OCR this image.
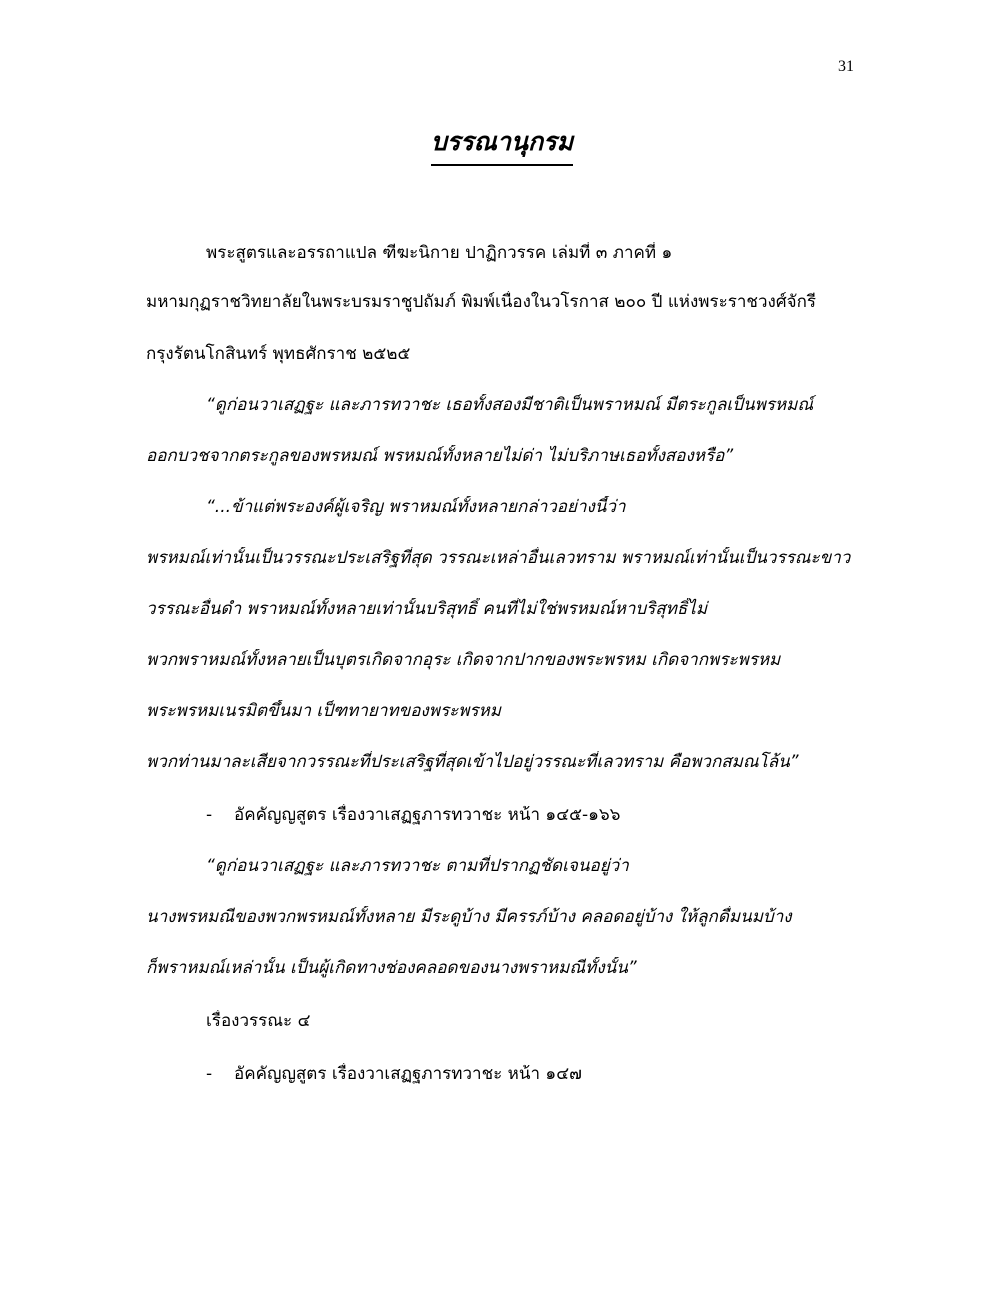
31
บรรณานุกรม
พระสูตรและอรรถาแปล ฑีฆะนิกาย ปาฏิกวรรค เล่มที่ ๓ ภาคที่ ๑
มหามกุฏราชวิทยาลัยในพระบรมราชูปถัมภ์ พิมพ์เนื่องในวโรกาส ๒๐๐ ปี แห่งพระราชวงศ์จักรี
กรุงรัตนโกสินทร์ พุทธศักราช ๒๕๒๕
“ดูก่อนวาเสฏฐะ และภารทวาชะ เธอทั้งสองมีชาติเป็นพราหมณ์ มีตระกูลเป็นพรหมณ์
ออกบวชจากตระกูลของพรหมณ์ พรหมณ์ทั้งหลายไม่ด่า ไม่บริภาษเธอทั้งสองหรือ”
“...ข้าแต่พระองค์ผู้เจริญ พราหมณ์ทั้งหลายกล่าวอย่างนี้ว่า
พรหมณ์เท่านั้นเป็นวรรณะประเสริฐที่สุด วรรณะเหล่าอื่นเลวทราม พราหมณ์เท่านั้นเป็นวรรณะขาว
วรรณะอื่นดำ พราหมณ์ทั้งหลายเท่านั้นบริสุทธิ์ คนที่ไม่ใช่พรหมณ์หาบริสุทธิ์ไม่
พวกพราหมณ์ทั้งหลายเป็นบุตรเกิดจากอุระ เกิดจากปากของพระพรหม เกิดจากพระพรหม
พระพรหมเนรมิตขึ้นมา เป็ฑทายาทของพระพรหม
พวกท่านมาละเสียจากวรรณะที่ประเสริฐที่สุดเข้าไปอยู่วรรณะที่เลวทราม คือพวกสมณโล้น”
- อัคคัญญสูตร เรื่องวาเสฏฐภารทวาชะ หน้า ๑๔๕-๑๖๖
“ดูก่อนวาเสฏฐะ และภารทวาชะ ตามที่ปรากฏชัดเจนอยู่ว่า
นางพรหมณีของพวกพรหมณ์ทั้งหลาย มีระดูบ้าง มีครรภ์บ้าง คลอดอยู่บ้าง ให้ลูกดื่มนมบ้าง
ก็พราหมณ์เหล่านั้น เป็นผู้เกิดทางช่องคลอดของนางพราหมณีทั้งนั้น”
เรื่องวรรณะ ๔
- อัคคัญญสูตร เรื่องวาเสฏฐภารทวาชะ หน้า ๑๔๗
